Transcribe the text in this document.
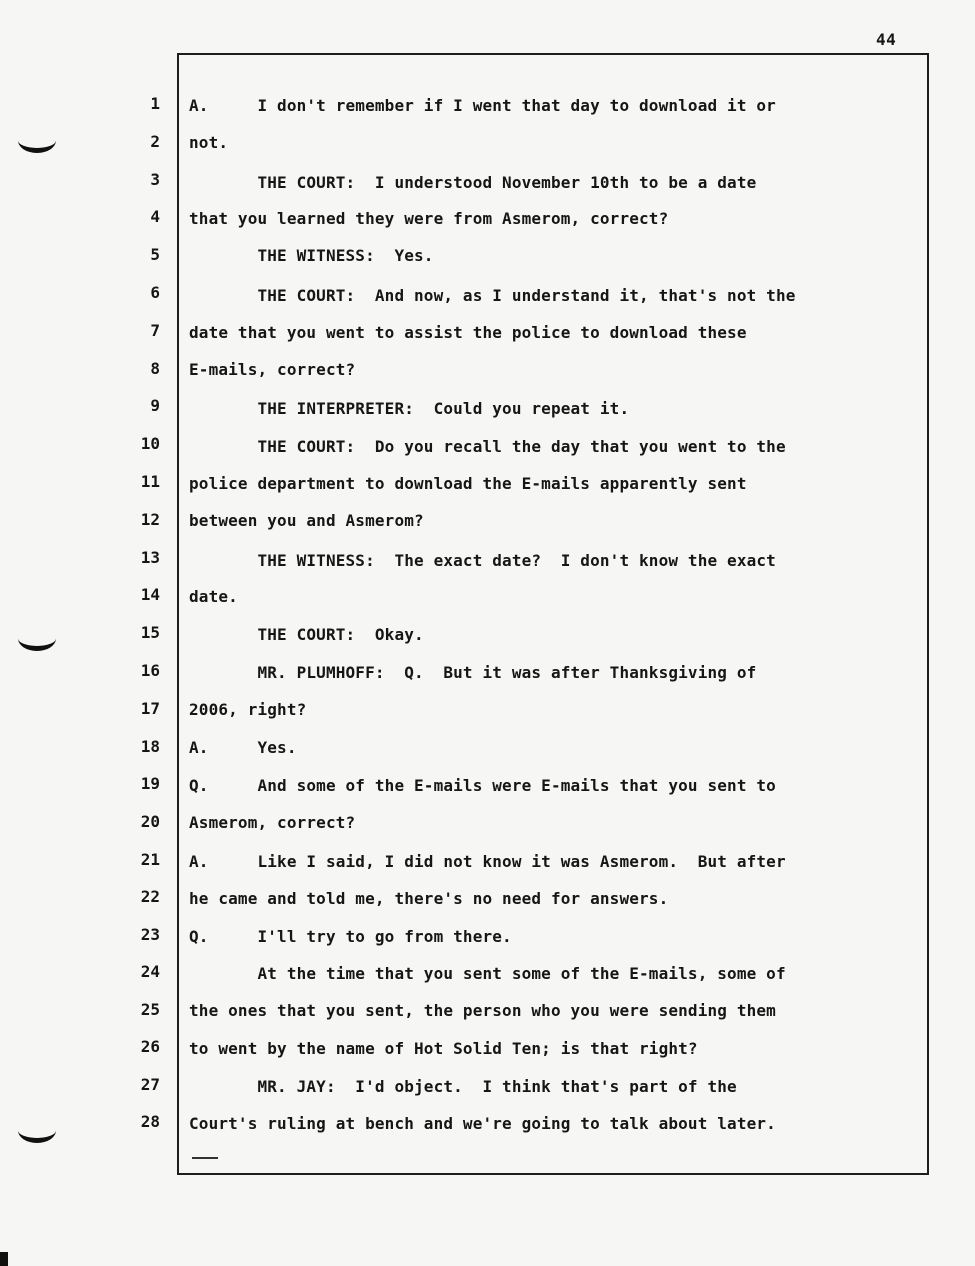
44
1 A.     I don't remember if I went that day to download it or
2 not.
3 THE COURT:  I understood November 10th to be a date
4 that you learned they were from Asmerom, correct?
5 THE WITNESS:  Yes.
6 THE COURT:  And now, as I understand it, that's not the
7 date that you went to assist the police to download these
8 E-mails, correct?
9 THE INTERPRETER:  Could you repeat it.
10 THE COURT:  Do you recall the day that you went to the
11 police department to download the E-mails apparently sent
12 between you and Asmerom?
13 THE WITNESS:  The exact date?  I don't know the exact
14 date.
15 THE COURT:  Okay.
16 MR. PLUMHOFF:  Q.  But it was after Thanksgiving of
17 2006, right?
18 A.     Yes.
19 Q.     And some of the E-mails were E-mails that you sent to
20 Asmerom, correct?
21 A.     Like I said, I did not know it was Asmerom.  But after
22 he came and told me, there's no need for answers.
23 Q.     I'll try to go from there.
24 At the time that you sent some of the E-mails, some of
25 the ones that you sent, the person who you were sending them
26 to went by the name of Hot Solid Ten; is that right?
27 MR. JAY:  I'd object.  I think that's part of the
28 Court's ruling at bench and we're going to talk about later.
